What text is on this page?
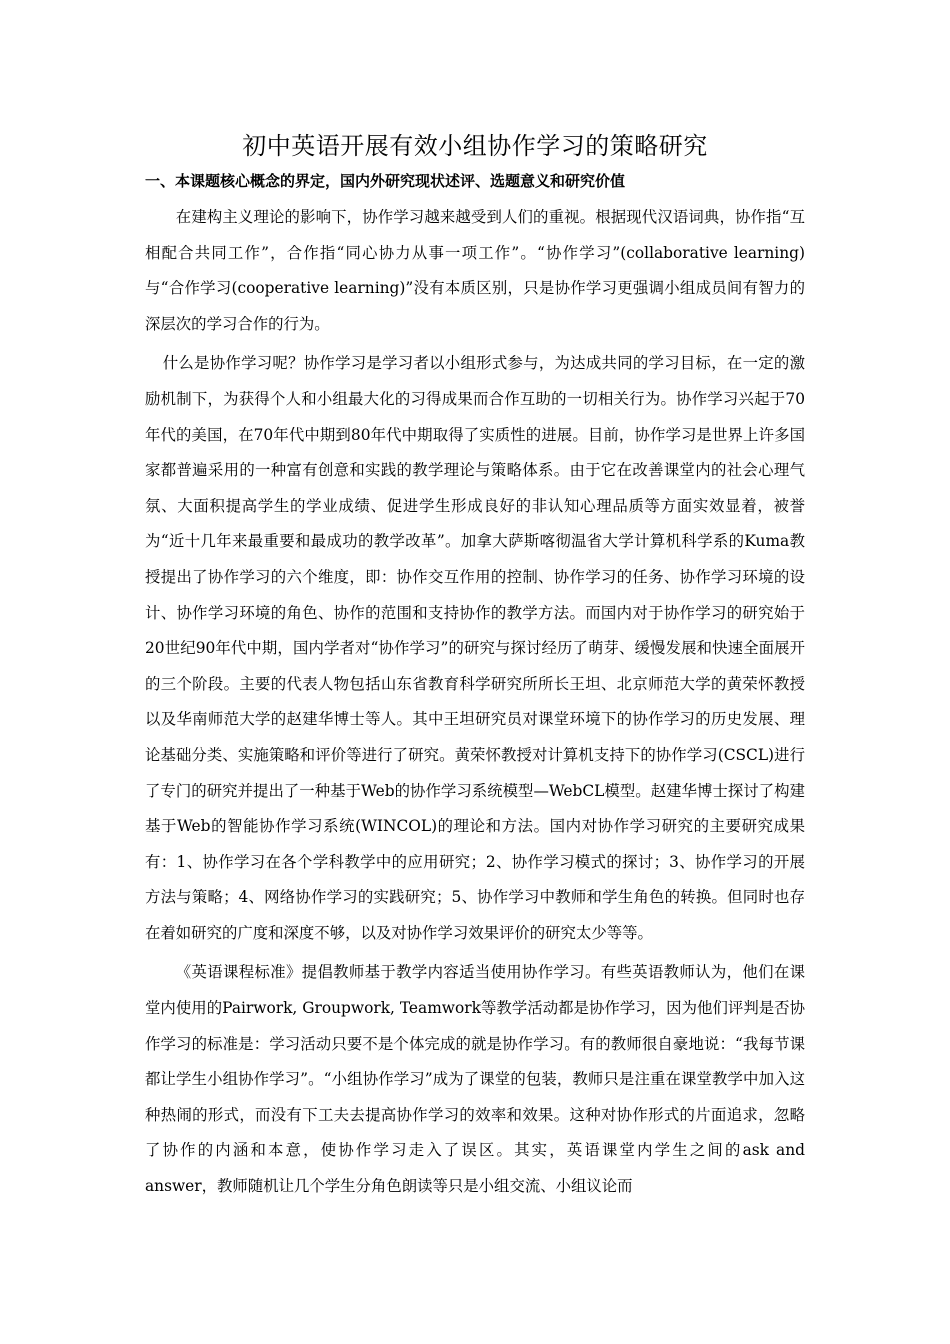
初中英语开展有效小组协作学习的策略研究
一、本课题核心概念的界定，国内外研究现状述评、选题意义和研究价值

在建构主义理论的影响下，协作学习越来越受到人们的重视。根据现代汉语词典，协作指“互相配合共同工作”，合作指“同心协力从事一项工作”。“协作学习”(collaborative learning)与“合作学习(cooperative learning)”没有本质区别，只是协作学习更强调小组成员间有智力的深层次的学习合作的行为。

什么是协作学习呢？协作学习是学习者以小组形式参与，为达成共同的学习目标，在一定的激励机制下，为获得个人和小组最大化的习得成果而合作互助的一切相关行为。协作学习兴起于70年代的美国，在70年代中期到80年代中期取得了实质性的进展。目前，协作学习是世界上许多国家都普遍采用的一种富有创意和实践的教学理论与策略体系。由于它在改善课堂内的社会心理气氛、大面积提高学生的学业成绩、促进学生形成良好的非认知心理品质等方面实效显着，被誉为“近十几年来最重要和最成功的教学改革”。加拿大萨斯喀彻温省大学计算机科学系的Kuma教授提出了协作学习的六个维度，即：协作交互作用的控制、协作学习的任务、协作学习环境的设计、协作学习环境的角色、协作的范围和支持协作的教学方法。而国内对于协作学习的研究始于20世纪90年代中期，国内学者对“协作学习”的研究与探讨经历了萌芽、缓慢发展和快速全面展开的三个阶段。主要的代表人物包括山东省教育科学研究所所长王坦、北京师范大学的黄荣怀教授以及华南师范大学的赵建华博士等人。其中王坦研究员对课堂环境下的协作学习的历史发展、理论基础分类、实施策略和评价等进行了研究。黄荣怀教授对计算机支持下的协作学习(CSCL)进行了专门的研究并提出了一种基于Web的协作学习系统模型—WebCL模型。赵建华博士探讨了构建基于Web的智能协作学习系统(WINCOL)的理论和方法。国内对协作学习研究的主要研究成果有：1、协作学习在各个学科教学中的应用研究；2、协作学习模式的探讨；3、协作学习的开展方法与策略；4、网络协作学习的实践研究；5、协作学习中教师和学生角色的转换。但同时也存在着如研究的广度和深度不够，以及对协作学习效果评价的研究太少等等。

《英语课程标准》提倡教师基于教学内容适当使用协作学习。有些英语教师认为，他们在课堂内使用的Pairwork, Groupwork, Teamwork等教学活动都是协作学习，因为他们评判是否协作学习的标准是：学习活动只要不是个体完成的就是协作学习。有的教师很自豪地说：“我每节课都让学生小组协作学习”。“小组协作学习”成为了课堂的包装，教师只是注重在课堂教学中加入这种热闹的形式，而没有下工夫去提高协作学习的效率和效果。这种对协作形式的片面追求，忽略了协作的内涵和本意，使协作学习走入了误区。其实，英语课堂内学生之间的ask and answer，教师随机让几个学生分角色朗读等只是小组交流、小组议论而
